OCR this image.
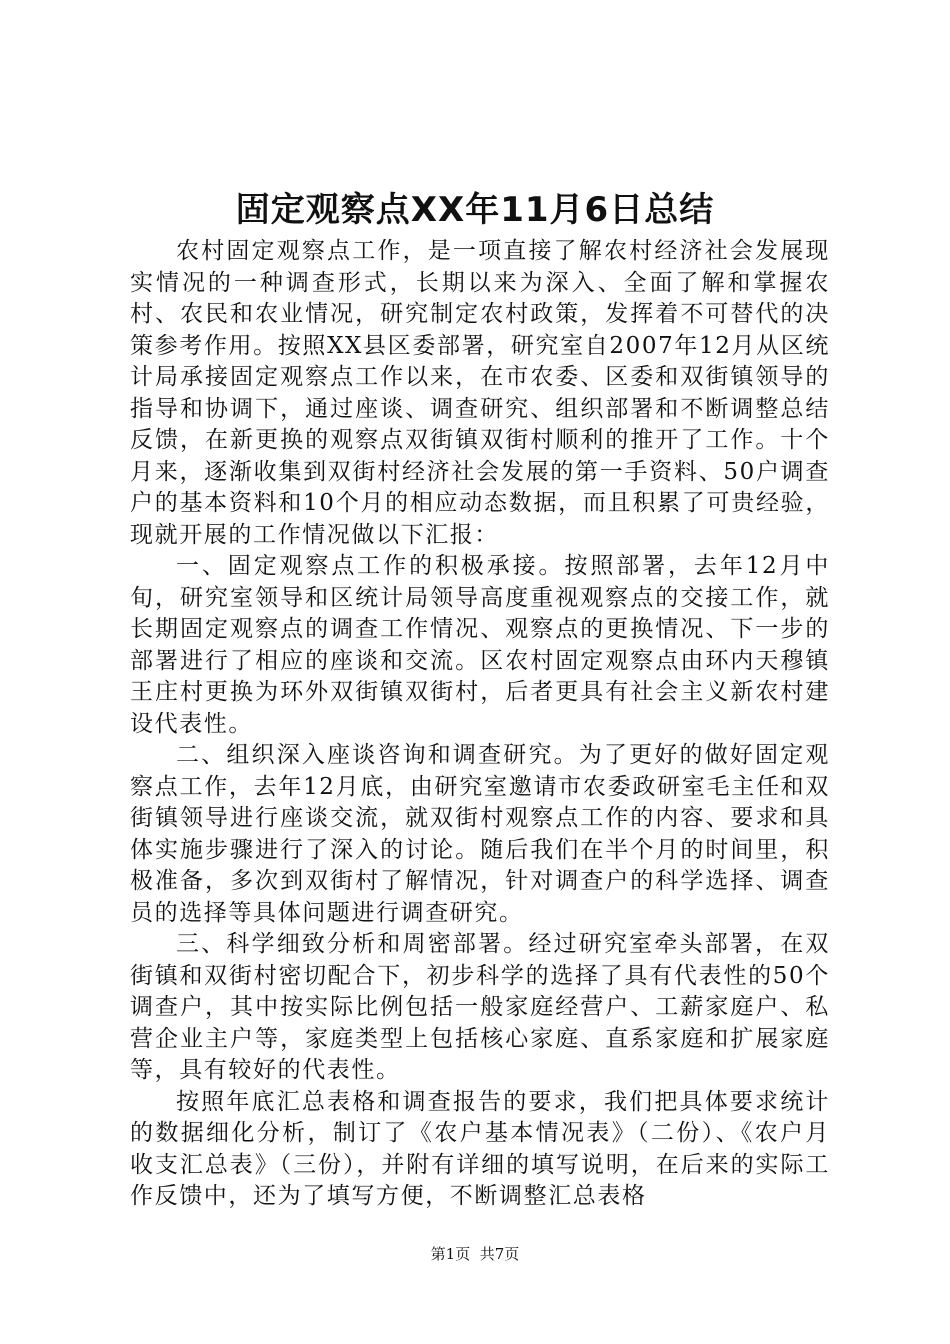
固定观察点XX年11月6日总结

农村固定观察点工作，是一项直接了解农村经济社会发展现实情况的一种调查形式，长期以来为深入、全面了解和掌握农村、农民和农业情况，研究制定农村政策，发挥着不可替代的决策参考作用。按照XX县区委部署，研究室自2007年12月从区统计局承接固定观察点工作以来，在市农委、区委和双街镇领导的指导和协调下，通过座谈、调查研究、组织部署和不断调整总结反馈，在新更换的观察点双街镇双街村顺利的推开了工作。十个月来，逐渐收集到双街村经济社会发展的第一手资料、50户调查户的基本资料和10个月的相应动态数据，而且积累了可贵经验，现就开展的工作情况做以下汇报：

一、固定观察点工作的积极承接。按照部署，去年12月中旬，研究室领导和区统计局领导高度重视观察点的交接工作，就长期固定观察点的调查工作情况、观察点的更换情况、下一步的部署进行了相应的座谈和交流。区农村固定观察点由环内天穆镇王庄村更换为环外双街镇双街村，后者更具有社会主义新农村建设代表性。

二、组织深入座谈咨询和调查研究。为了更好的做好固定观察点工作，去年12月底，由研究室邀请市农委政研室毛主任和双街镇领导进行座谈交流，就双街村观察点工作的内容、要求和具体实施步骤进行了深入的讨论。随后我们在半个月的时间里，积极准备，多次到双街村了解情况，针对调查户的科学选择、调查员的选择等具体问题进行调查研究。

三、科学细致分析和周密部署。经过研究室牵头部署，在双街镇和双街村密切配合下，初步科学的选择了具有代表性的50个调查户，其中按实际比例包括一般家庭经营户、工薪家庭户、私营企业主户等，家庭类型上包括核心家庭、直系家庭和扩展家庭等，具有较好的代表性。

按照年底汇总表格和调查报告的要求，我们把具体要求统计的数据细化分析，制订了《农户基本情况表》（二份）、《农户月收支汇总表》（三份），并附有详细的填写说明，在后来的实际工作反馈中，还为了填写方便，不断调整汇总表格

第1页 共7页
